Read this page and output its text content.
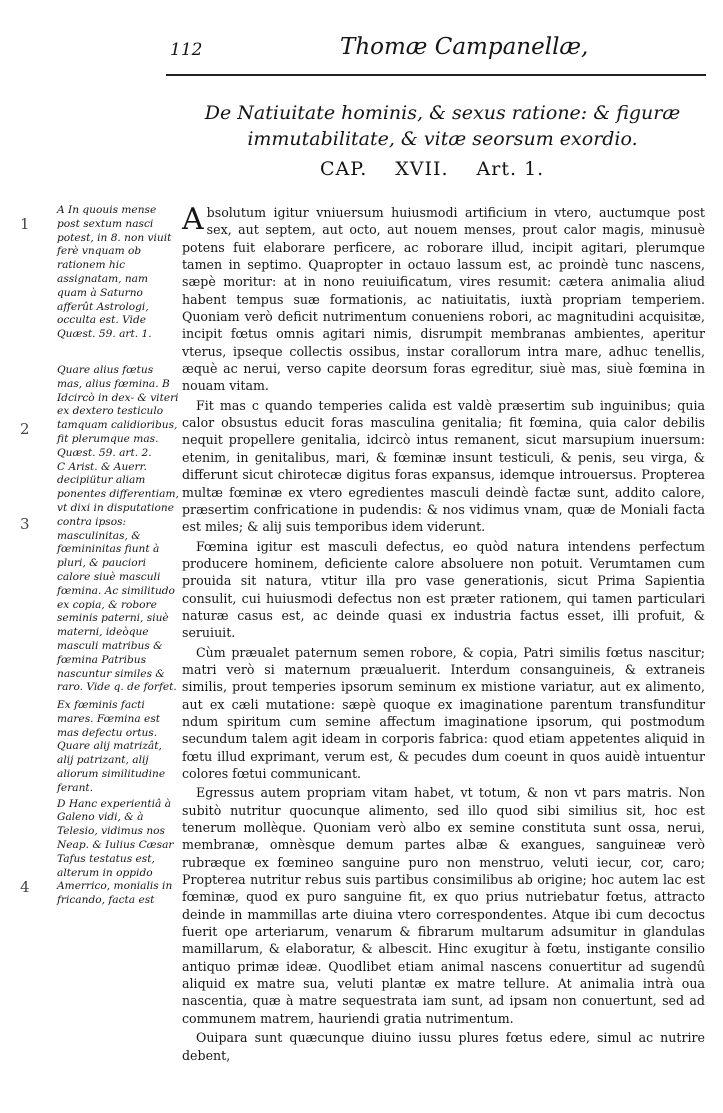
112	Thomæ Campanellæ,
De Natiuitate hominis, & sexus ratione: & figuræ immutabilitate, & vitæ seorsum exordio.
CAP. XVII. Art. 1.
1
2
3
4

A In quouis mense post sextum nasci potest, in 8. non viuit ferè vnquam ob rationem hic assignatam, nam quam à Saturno afferût Astrologi, occulta est. Vide Quæst. 59. art. 1.

Quare alius fœtus mas, alius fœmina. B Idcircò in dex- & viteri ex dextero testiculo tamquam calidioribus, fit plerumque mas. Quæst. 59. art. 2.

C Arist. & Auerr. decipiütur aliam ponentes differentiam, vt dixi in disputatione contra ipsos: masculinitas, & fœmininitas fiunt à pluri, & pauciori calore siuè masculi fœmina. Ac similitudo ex copia, & robore seminis paterni, siuè materni, ideòque masculi matribus & fœmina Patribus nascuntur similes & raro. Vide q. de forfet.

Ex fœminis facti mares. Fœmina est mas defectu ortus. Quare alij matrizât, alij patrizant, alij aliorum similitudine ferant.

D Hanc experientiâ à Galeno vidi, & à Telesio, vidimus nos Neap. & Iulius Cæsar Tafus testatus est, alterum in oppido Amerrico, monialis in fricando, facta est

Absolutum igitur vniuersum huiusmodi artificium in vtero, auctumque post sex, aut septem, aut octo, aut nouem menses, prout calor magis, minusuè potens fuit elaborare perficere, ac roborare illud, incipit agitari, plerumque tamen in septimo. Quapropter in octauo lassum est, ac proindè tunc nascens, sæpè moritur: at in nono reuiuificatum, vires resumit: cætera animalia aliud habent tempus suæ formationis, ac natiuitatis, iuxtà propriam temperiem. Quoniam verò deficit nutrimentum conueniens robori, ac magnitudini acquisitæ, incipit fœtus omnis agitari nimis, disrumpit membranas ambientes, aperitur vterus, ipseque collectis ossibus, instar corallorum intra mare, adhuc tenellis, æquè ac nerui, verso capite deorsum foras egreditur, siuè mas, siuè fœmina in nouam vitam.

Fit mas c quando temperies calida est valdè præsertim sub inguinibus; quia calor obsustus educit foras masculina genitalia; fit fœmina, quia calor debilis nequit propellere genitalia, idcircò intus remanent, sicut marsupium inuersum: etenim, in genitalibus, mari, & fœminæ insunt testiculi, & penis, seu virga, & differunt sicut chirotecæ digitus foras expansus, idemque introuersus. Propterea multæ fœminæ ex vtero egredientes masculi deindè factæ sunt, addito calore, præsertim confricatione in pudendis: & nos vidimus vnam, quæ de Moniali facta est miles; & alij suis temporibus idem viderunt.

Fœmina igitur est masculi defectus, eo quòd natura intendens perfectum producere hominem, deficiente calore absoluere non potuit. Verumtamen cum prouida sit natura, vtitur illa pro vase generationis, sicut Prima Sapientia consulit, cui huiusmodi defectus non est præter rationem, qui tamen particulari naturæ casus est, ac deinde quasi ex industria factus esset, illi profuit, & seruiuit.

Cùm præualet paternum semen robore, & copia, Patri similis fœtus nascitur; matri verò si maternum præualuerit. Interdum consanguineis, & extraneis similis, prout temperies ipsorum seminum ex mistione variatur, aut ex alimento, aut ex cæli mutatione: sæpè quoque ex imaginatione parentum transfunditur ndum spiritum cum semine affectum imaginatione ipsorum, qui postmodum secundum talem agit ideam in corporis fabrica: quod etiam appetentes aliquid in fœtu illud exprimant, verum est, & pecudes dum coeunt in quos auidè intuentur colores fœtui communicant.

Egressus autem propriam vitam habet, vt totum, & non vt pars matris. Non subitò nutritur quocunque alimento, sed illo quod sibi similius sit, hoc est tenerum mollèque. Quoniam verò albo ex semine constituta sunt ossa, nerui, membranæ, omnèsque demum partes albæ & exangues, sanguineæ verò rubræque ex fœmineo sanguine puro non menstruo, veluti iecur, cor, caro; Propterea nutritur rebus suis partibus consimilibus ab origine; hoc autem lac est fœminæ, quod ex puro sanguine fit, ex quo prius nutriebatur fœtus, attracto deinde in mammillas arte diuina vtero correspondentes. Atque ibi cum decoctus fuerit ope arteriarum, venarum & fibrarum multarum adsumitur in glandulas mamillarum, & elaboratur, & albescit. Hinc exugitur à fœtu, instigante consilio antiquo primæ ideæ. Quodlibet etiam animal nascens conuertitur ad sugendû aliquid ex matre sua, veluti plantæ ex matre tellure. At animalia intrà oua nascentia, quæ à matre sequestrata iam sunt, ad ipsam non conuertunt, sed ad communem matrem, hauriendi gratia nutrimentum.

Ouipara sunt quæcunque diuino iussu plures fœtus edere, simul ac nutrire debent,
